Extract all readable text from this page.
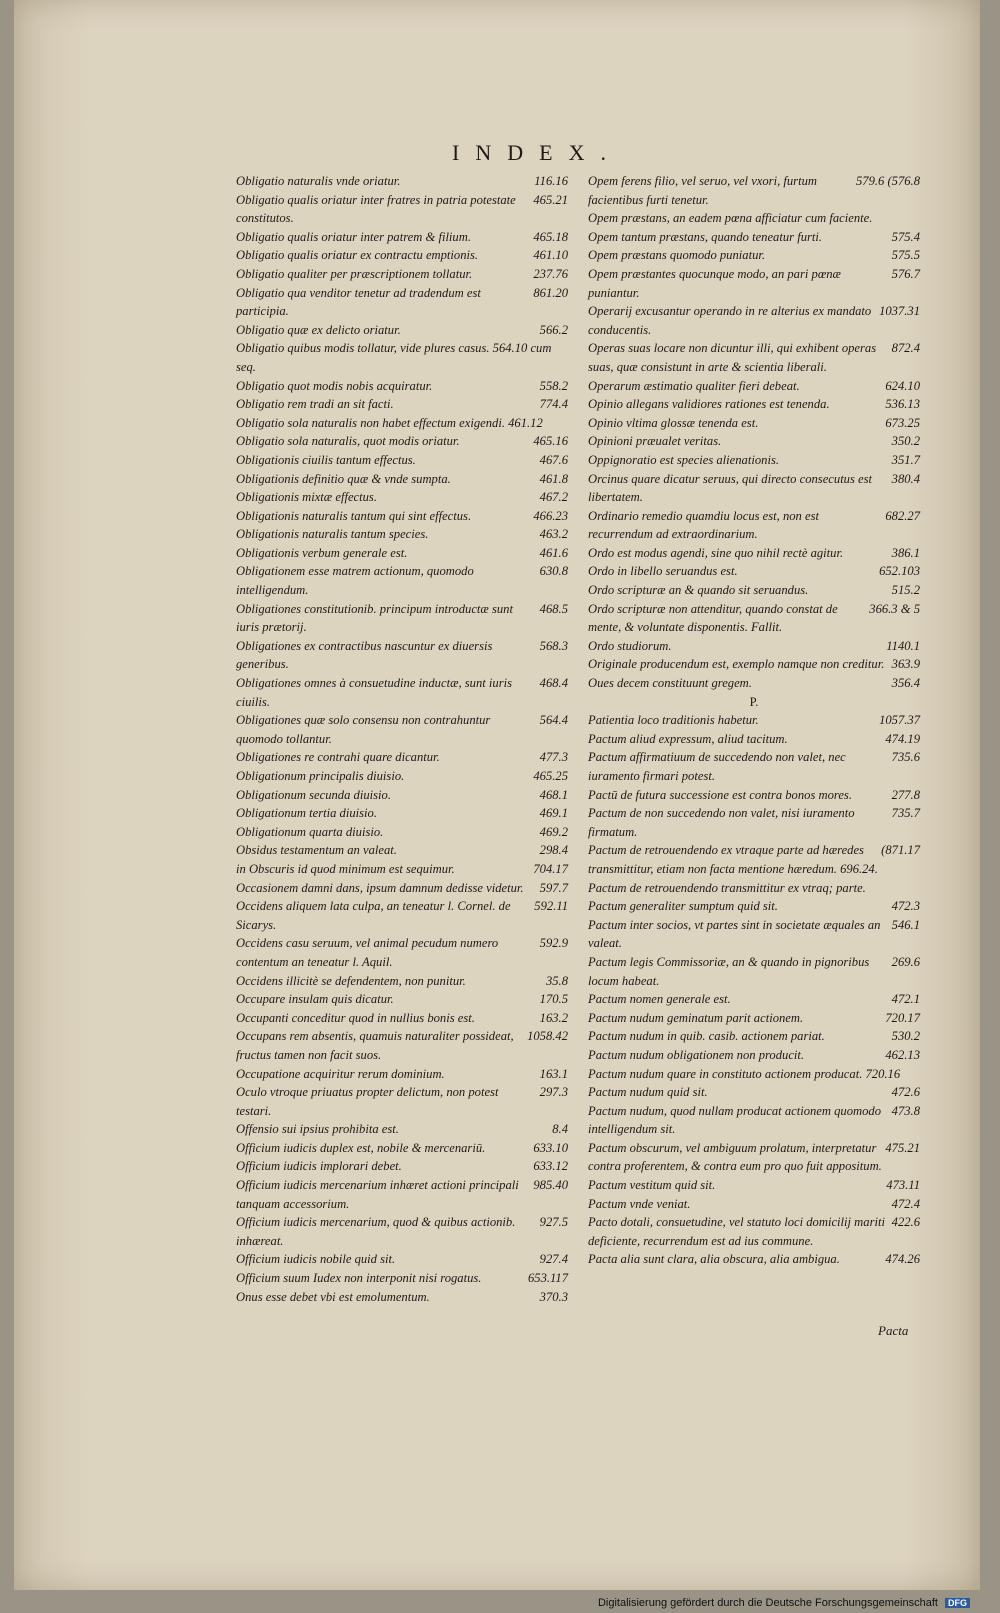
INDEX.
116.16
Obligatio naturalis vnde oriatur.
465.21
Obligatio qualis oriatur inter fratres in patria potestate constitutos.
465.18
Obligatio qualis oriatur inter patrem & filium.
461.10
Obligatio qualis oriatur ex contractu emptionis.
237.76
Obligatio qualiter per præscriptionem tollatur.
861.20
Obligatio qua venditor tenetur ad tradendum est participia.
566.2
Obligatio quæ ex delicto oriatur.
Obligatio quibus modis tollatur, vide plures casus. 564.10 cum seq.
558.2
Obligatio quot modis nobis acquiratur.
774.4
Obligatio rem tradi an sit facti.
Obligatio sola naturalis non habet effectum exigendi. 461.12
465.16
Obligatio sola naturalis, quot modis oriatur.
467.6
Obligationis ciuilis tantum effectus.
461.8
Obligationis definitio quæ & vnde sumpta.
467.2
Obligationis mixtæ effectus.
466.23
Obligationis naturalis tantum qui sint effectus.
463.2
Obligationis naturalis tantum species.
461.6
Obligationis verbum generale est.
630.8
Obligationem esse matrem actionum, quomodo intelligendum.
468.5
Obligationes constitutionib. principum introductæ sunt iuris prætorij.
568.3
Obligationes ex contractibus nascuntur ex diuersis generibus.
468.4
Obligationes omnes à consuetudine inductæ, sunt iuris ciuilis.
564.4
Obligationes quæ solo consensu non contrahuntur quomodo tollantur.
477.3
Obligationes re contrahi quare dicantur.
465.25
Obligationum principalis diuisio.
468.1
Obligationum secunda diuisio.
469.1
Obligationum tertia diuisio.
469.2
Obligationum quarta diuisio.
298.4
Obsidus testamentum an valeat.
704.17
in Obscuris id quod minimum est sequimur.
597.7
Occasionem damni dans, ipsum damnum dedisse videtur.
592.11
Occidens aliquem lata culpa, an teneatur l. Cornel. de Sicarys.
592.9
Occidens casu seruum, vel animal pecudum numero contentum an teneatur l. Aquil.
35.8
Occidens illicitè se defendentem, non punitur.
170.5
Occupare insulam quis dicatur.
163.2
Occupanti conceditur quod in nullius bonis est.
1058.42
Occupans rem absentis, quamuis naturaliter possideat, fructus tamen non facit suos.
163.1
Occupatione acquiritur rerum dominium.
297.3
Oculo vtroque priuatus propter delictum, non potest testari.
8.4
Offensio sui ipsius prohibita est.
633.10
Officium iudicis duplex est, nobile & mercenariū.
633.12
Officium iudicis implorari debet.
985.40
Officium iudicis mercenarium inhæret actioni principali tanquam accessorium.
927.5
Officium iudicis mercenarium, quod & quibus actionib. inhæreat.
927.4
Officium iudicis nobile quid sit.
653.117
Officium suum Iudex non interponit nisi rogatus.
370.3
Onus esse debet vbi est emolumentum.
579.6 (576.8
Opem ferens filio, vel seruo, vel vxori, furtum facientibus furti tenetur.
Opem præstans, an eadem pœna afficiatur cum faciente.
575.4
Opem tantum præstans, quando teneatur furti.
575.5
Opem præstans quomodo puniatur.
576.7
Opem præstantes quocunque modo, an pari pœnæ puniantur.
1037.31
Operarij excusantur operando in re alterius ex mandato conducentis.
872.4
Operas suas locare non dicuntur illi, qui exhibent operas suas, quæ consistunt in arte & scientia liberali.
624.10
Operarum æstimatio qualiter fieri debeat.
536.13
Opinio allegans validiores rationes est tenenda.
673.25
Opinio vltima glossæ tenenda est.
350.2
Opinioni præualet veritas.
351.7
Oppignoratio est species alienationis.
380.4
Orcinus quare dicatur seruus, qui directo consecutus est libertatem.
682.27
Ordinario remedio quamdiu locus est, non est recurrendum ad extraordinarium.
386.1
Ordo est modus agendi, sine quo nihil rectè agitur.
652.103
Ordo in libello seruandus est.
515.2
Ordo scripturæ an & quando sit seruandus.
366.3 & 5
Ordo scripturæ non attenditur, quando constat de mente, & voluntate disponentis. Fallit.
1140.1
Ordo studiorum.
363.9
Originale producendum est, exemplo namque non creditur.
356.4
Oues decem constituunt gregem.
P.
1057.37
Patientia loco traditionis habetur.
474.19
Pactum aliud expressum, aliud tacitum.
735.6
Pactum affirmatiuum de succedendo non valet, nec iuramento firmari potest.
277.8
Pactū de futura successione est contra bonos mores.
735.7
Pactum de non succedendo non valet, nisi iuramento firmatum.
(871.17
Pactum de retrouendendo ex vtraque parte ad hæredes transmittitur, etiam non facta mentione hæredum. 696.24.
Pactum de retrouendendo transmittitur ex vtraq; parte.
472.3
Pactum generaliter sumptum quid sit.
546.1
Pactum inter socios, vt partes sint in societate æquales an valeat.
269.6
Pactum legis Commissoriæ, an & quando in pignoribus locum habeat.
472.1
Pactum nomen generale est.
720.17
Pactum nudum geminatum parit actionem.
530.2
Pactum nudum in quib. casib. actionem pariat.
462.13
Pactum nudum obligationem non producit.
Pactum nudum quare in constituto actionem producat. 720.16
472.6
Pactum nudum quid sit.
473.8
Pactum nudum, quod nullam producat actionem quomodo intelligendum sit.
475.21
Pactum obscurum, vel ambiguum prolatum, interpretatur contra proferentem, & contra eum pro quo fuit appositum.
473.11
Pactum vestitum quid sit.
472.4
Pactum vnde veniat.
422.6
Pacto dotali, consuetudine, vel statuto loci domicilij mariti deficiente, recurrendum est ad ius commune.
474.26
Pacta alia sunt clara, alia obscura, alia ambigua.
Pacta
Digitalisierung gefördert durch die Deutsche Forschungsgemeinschaft DFG
